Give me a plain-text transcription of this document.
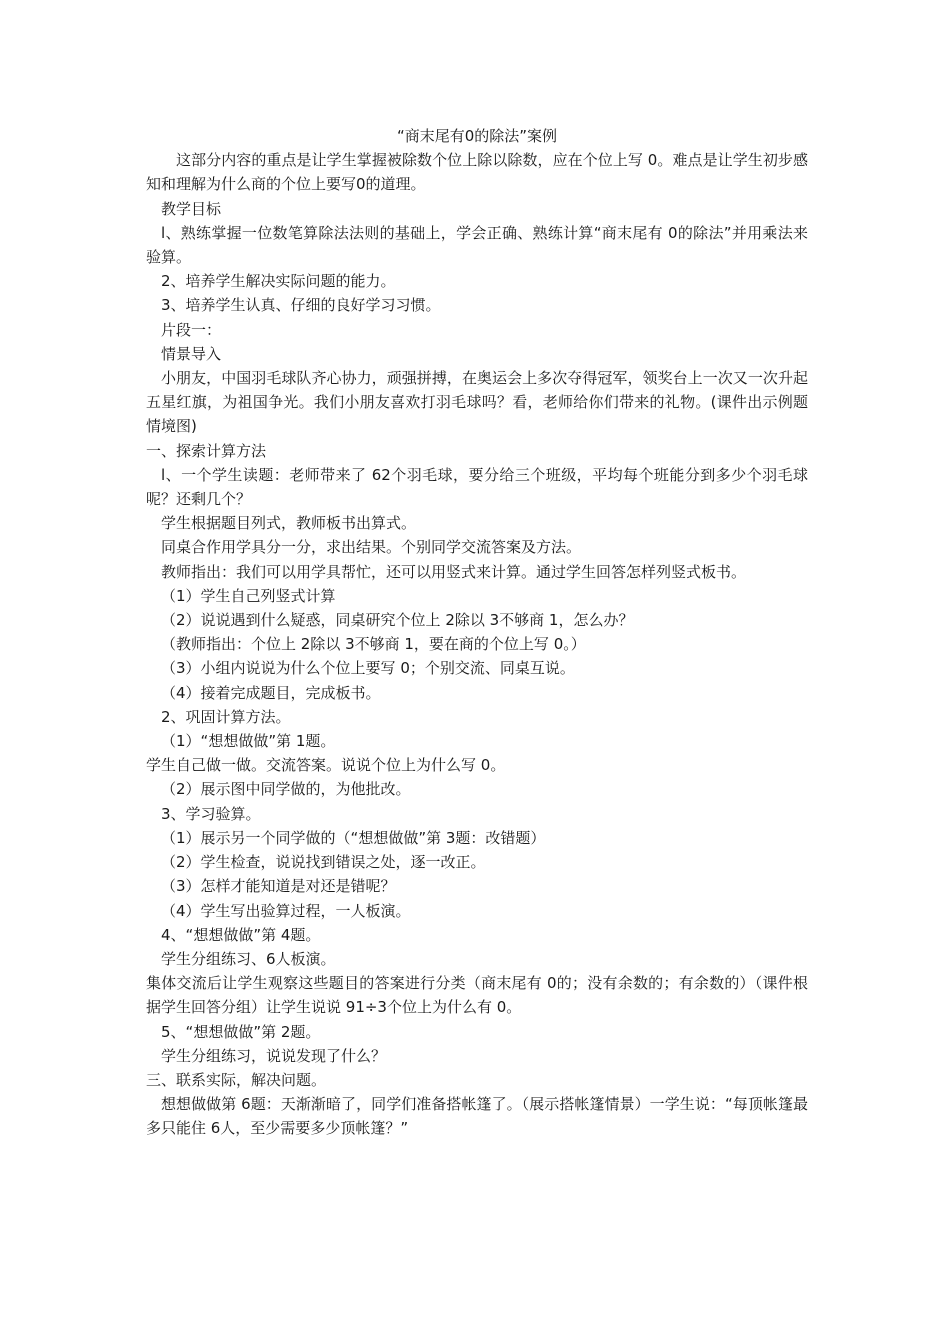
“商末尾有0的除法”案例

这部分内容的重点是让学生掌握被除数个位上除以除数，应在个位上写 0。难点是让学生初步感知和理解为什么商的个位上要写0的道理。

教学目标

l、熟练掌握一位数笔算除法法则的基础上，学会正确、熟练计算“商末尾有 0的除法”并用乘法来验算。

2、培养学生解决实际问题的能力。

3、培养学生认真、仔细的良好学习习惯。

片段一：

情景导入

小朋友，中国羽毛球队齐心协力，顽强拼搏，在奥运会上多次夺得冠军，领奖台上一次又一次升起五星红旗，为祖国争光。我们小朋友喜欢打羽毛球吗？看，老师给你们带来的礼物。(课件出示例题情境图)

一、探索计算方法

l、一个学生读题：老师带来了 62个羽毛球，要分给三个班级，平均每个班能分到多少个羽毛球呢？还剩几个？

学生根据题目列式，教师板书出算式。

同桌合作用学具分一分，求出结果。个别同学交流答案及方法。

教师指出：我们可以用学具帮忙，还可以用竖式来计算。通过学生回答怎样列竖式板书。

（1）学生自己列竖式计算

（2）说说遇到什么疑惑，同桌研究个位上 2除以 3不够商 1，怎么办？

（教师指出：个位上 2除以 3不够商 1，要在商的个位上写 0。）

（3）小组内说说为什么个位上要写 0；个别交流、同桌互说。

（4）接着完成题目，完成板书。

2、巩固计算方法。

（1）“想想做做”第 1题。

学生自己做一做。交流答案。说说个位上为什么写 0。

（2）展示图中同学做的，为他批改。

3、学习验算。

（1）展示另一个同学做的（“想想做做”第 3题：改错题）

（2）学生检查，说说找到错误之处，逐一改正。

（3）怎样才能知道是对还是错呢？

（4）学生写出验算过程，一人板演。

4、“想想做做”第 4题。

学生分组练习、6人板演。

集体交流后让学生观察这些题目的答案进行分类（商末尾有 0的；没有余数的；有余数的）（课件根据学生回答分组）让学生说说 91÷3个位上为什么有 0。

5、“想想做做”第 2题。

学生分组练习，说说发现了什么？

三、联系实际，解决问题。

想想做做第 6题：天渐渐暗了，同学们准备搭帐篷了。（展示搭帐篷情景）一学生说：“每顶帐篷最多只能住 6人，至少需要多少顶帐篷？”
